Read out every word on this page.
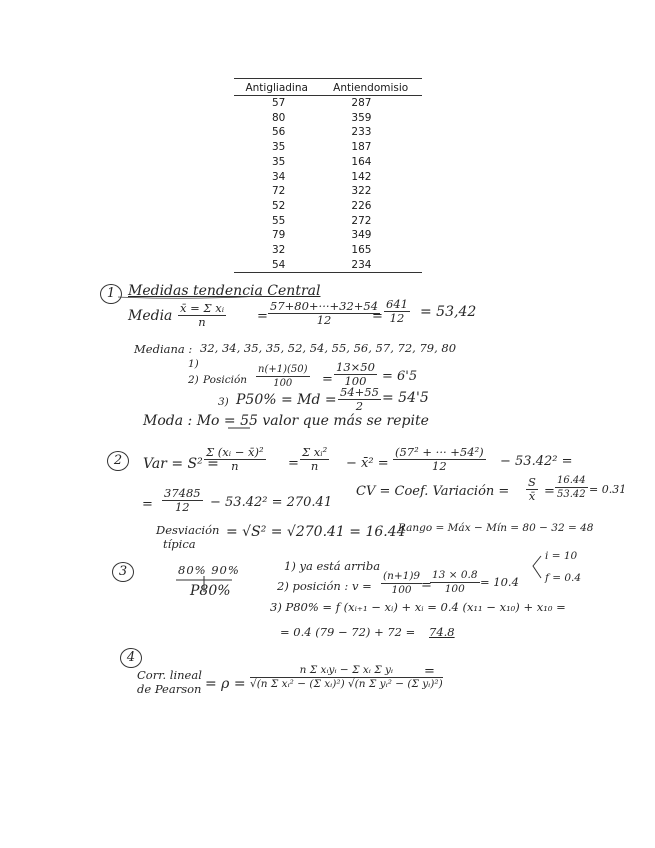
Antigliadina	Antiendomisio
57	287
80	359
56	233
35	187
35	164
34	142
72	322
52	226
55	272
79	349
32	165
54	234
1 Medidas tendencia Central
Media $\frac{\text{x̄ = Σ xᵢ}}{n} = \frac{57+80+\cdot\cdot\cdot+32+54}{12}$
= $\frac{641}{12} = 53,42$
Mediana : 32, 34, 35, 35, 52, 54, 55, 56, 57, 72, 79, 80
1)
2) Posición $\frac{n(+1)(50)}{100} = \frac{13\times 50}{100} = 6'5$
3) $P50\% = Md = \frac{54+55}{2} = 54'5$
Moda : Mo = 55 valor que más se repite
2	Var = S² =
$\frac{\text{Σ (xᵢ − x̄)²}}{n} = \frac{\text{Σ xᵢ²}}{n}$ − x̄² = $\frac{\text{(57² + ··· +54²)}}{12} - 53.42^2$ =
= $\frac{37485}{12} - 53.42^2 = 270.41$
CV = Coef. Variación = $\frac{S}{x̄} = \frac{16.44}{53.42} = 0.31$
Desviación
típica
= √S² = √270.41 = 16.44
Rango = Máx − Mín = 80 − 32 = 48
3	80% 90%
P80%
1) ya está arriba
2) posición : $v = \frac{(n+1)9}{100}$
=
$\frac{13 \times 0.8}{100} = 10.4$
i = 10
f = 0.4
3) P80% = f (xᵢ₊₁ − xᵢ) + xᵢ = 0.4 (x₁₁ − x₁₀) + x₁₀ =
= 0.4 (79 − 72) + 72 = 74.8
4
Corr. lineal
de Pearson = ρ =
n Σ xᵢyᵢ − Σ xᵢ Σ yᵢ
√(n Σ xᵢ² − (Σ xᵢ)²) √(n Σ yᵢ² − (Σ yᵢ)²)
=
